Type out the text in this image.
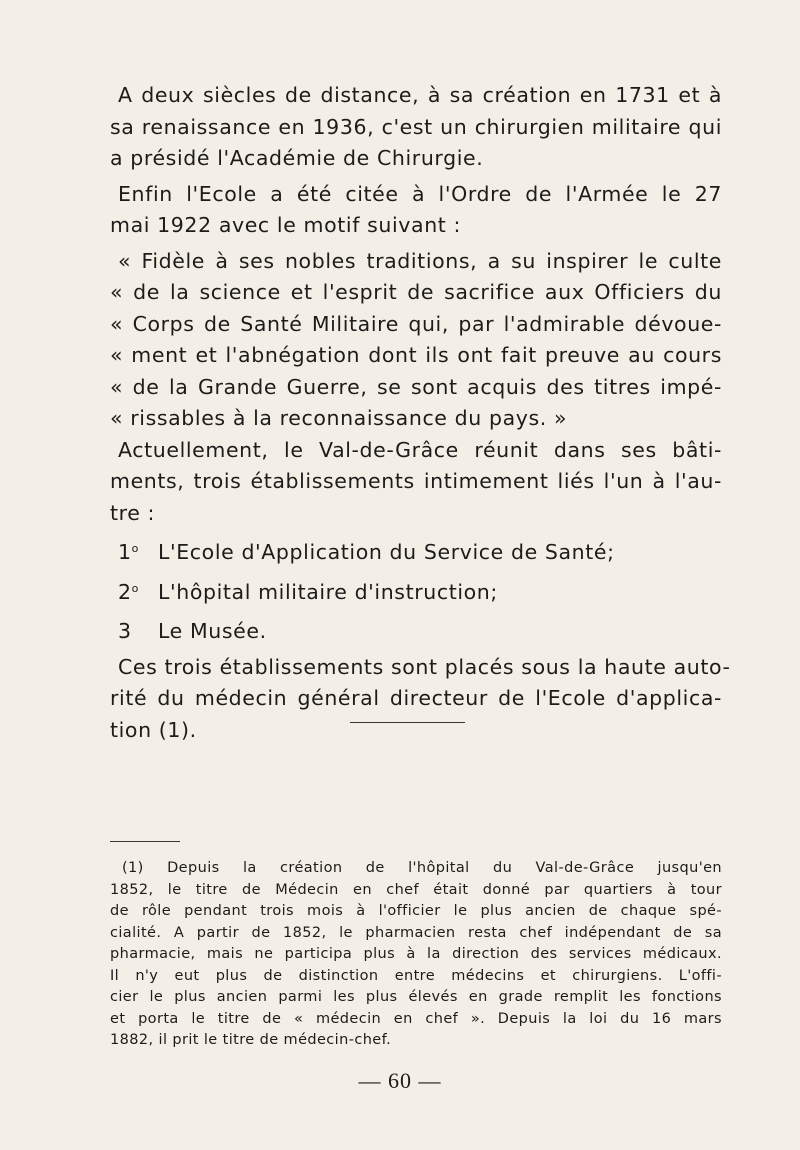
A deux siècles de distance, à sa création en 1731 et à
sa renaissance en 1936, c'est un chirurgien militaire qui
a présidé l'Académie de Chirurgie.

Enfin l'Ecole a été citée à l'Ordre de l'Armée le 27
mai 1922 avec le motif suivant :

« Fidèle à ses nobles traditions, a su inspirer le culte
« de la science et l'esprit de sacrifice aux Officiers du
« Corps de Santé Militaire qui, par l'admirable dévoue-
« ment et l'abnégation dont ils ont fait preuve au cours
« de la Grande Guerre, se sont acquis des titres impé-
« rissables à la reconnaissance du pays. »

Actuellement, le Val-de-Grâce réunit dans ses bâti-
ments, trois établissements intimement liés l'un à l'au-
tre :

1$^o$ L'Ecole d'Application du Service de Santé;
2$^o$ L'hôpital militaire d'instruction;
3 Le Musée.

Ces trois établissements sont placés sous la haute auto-
rité du médecin général directeur de l'Ecole d'applica-
tion (1).

(1) Depuis la création de l'hôpital du Val-de-Grâce jusqu'en
1852, le titre de Médecin en chef était donné par quartiers à tour
de rôle pendant trois mois à l'officier le plus ancien de chaque spé-
cialité. A partir de 1852, le pharmacien resta chef indépendant de sa
pharmacie, mais ne participa plus à la direction des services médicaux.
Il n'y eut plus de distinction entre médecins et chirurgiens. L'offi-
cier le plus ancien parmi les plus élevés en grade remplit les fonctions
et porta le titre de « médecin en chef ». Depuis la loi du 16 mars
1882, il prit le titre de médecin-chef.
— 60 —
